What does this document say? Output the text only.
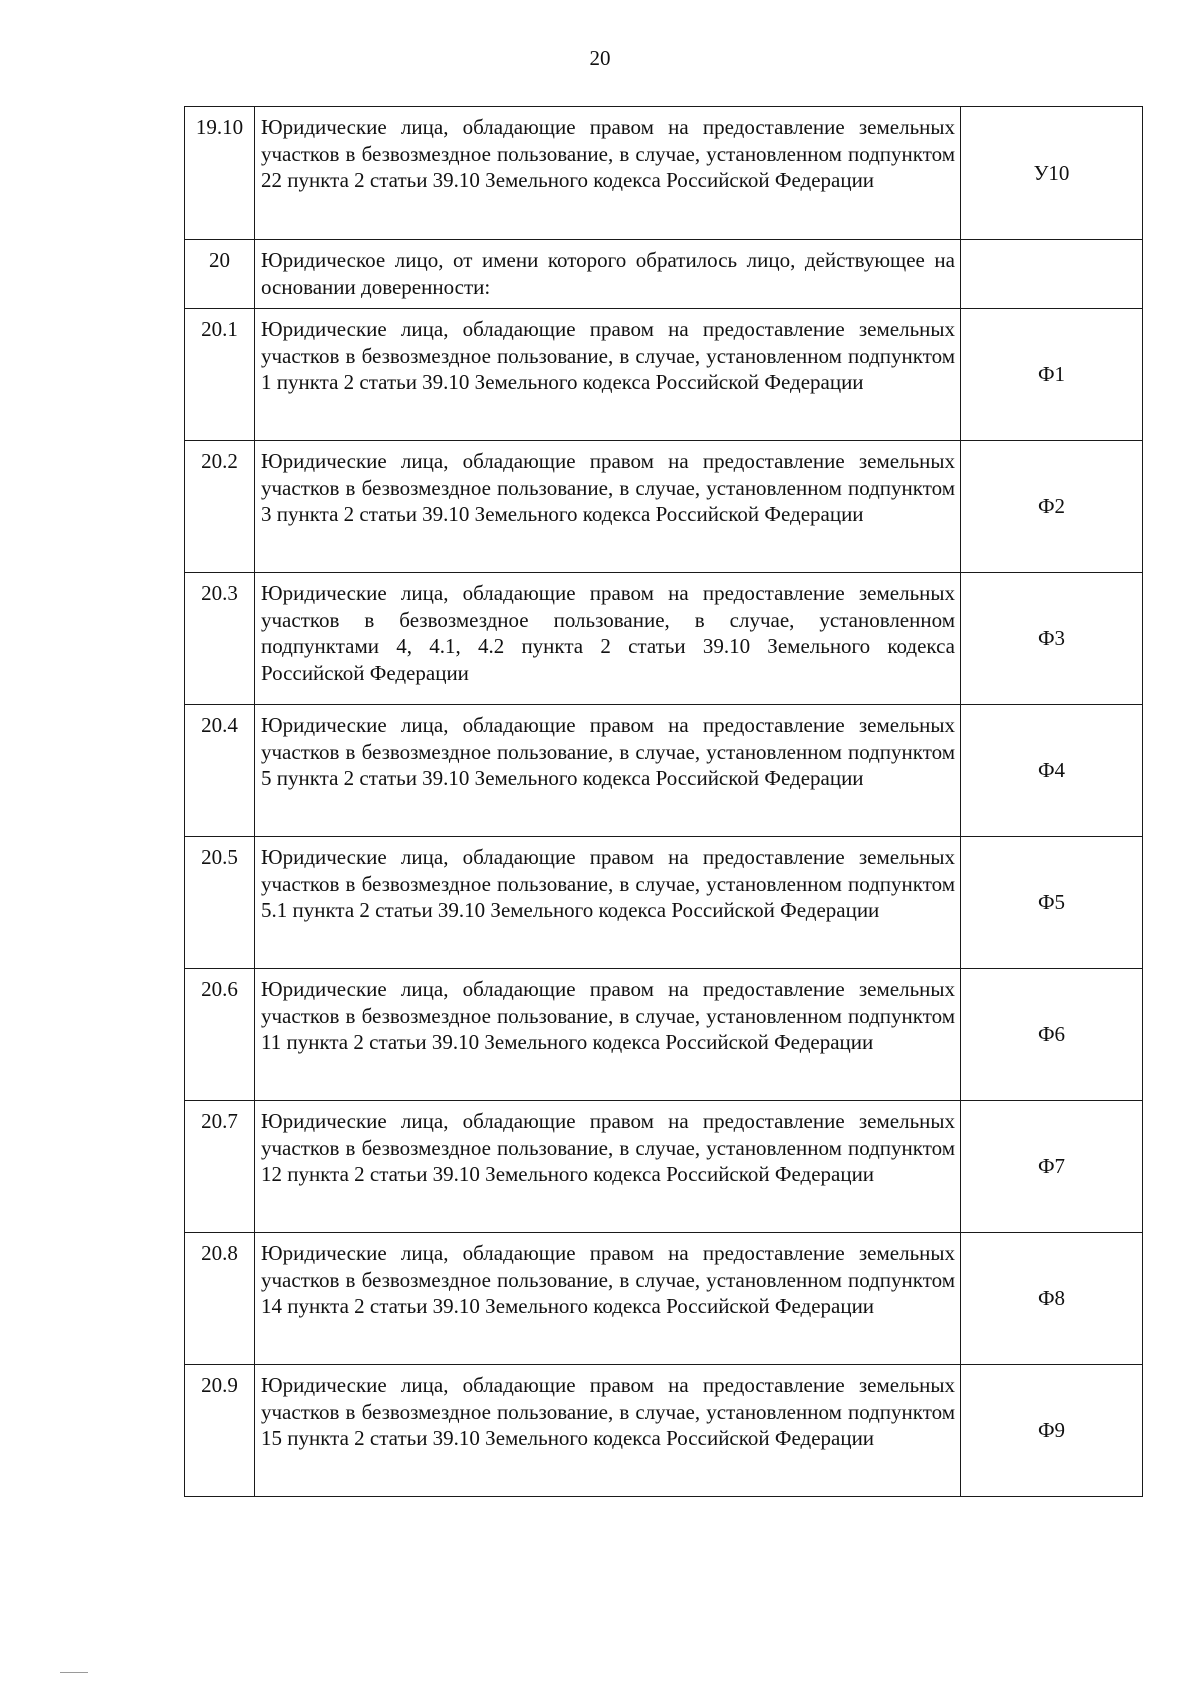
20
19.10	Юридические лица, обладающие правом на предоставление земельных участков в безвозмездное пользование, в случае, установленном подпунктом 22 пункта 2 статьи 39.10 Земельного кодекса Российской Федерации	У10
20	Юридическое лицо, от имени которого обратилось лицо, действующее на основании доверенности:	
20.1	Юридические лица, обладающие правом на предоставление земельных участков в безвозмездное пользование, в случае, установленном подпунктом 1 пункта 2 статьи 39.10 Земельного кодекса Российской Федерации	Ф1
20.2	Юридические лица, обладающие правом на предоставление земельных участков в безвозмездное пользование, в случае, установленном подпунктом 3 пункта 2 статьи 39.10 Земельного кодекса Российской Федерации	Ф2
20.3	Юридические лица, обладающие правом на предоставление земельных участков в безвозмездное пользование, в случае, установленном подпунктами 4, 4.1, 4.2 пункта 2 статьи 39.10 Земельного кодекса Российской Федерации	Ф3
20.4	Юридические лица, обладающие правом на предоставление земельных участков в безвозмездное пользование, в случае, установленном подпунктом 5 пункта 2 статьи 39.10 Земельного кодекса Российской Федерации	Ф4
20.5	Юридические лица, обладающие правом на предоставление земельных участков в безвозмездное пользование, в случае, установленном подпунктом 5.1 пункта 2 статьи 39.10 Земельного кодекса Российской Федерации	Ф5
20.6	Юридические лица, обладающие правом на предоставление земельных участков в безвозмездное пользование, в случае, установленном подпунктом 11 пункта 2 статьи 39.10 Земельного кодекса Российской Федерации	Ф6
20.7	Юридические лица, обладающие правом на предоставление земельных участков в безвозмездное пользование, в случае, установленном подпунктом 12 пункта 2 статьи 39.10 Земельного кодекса Российской Федерации	Ф7
20.8	Юридические лица, обладающие правом на предоставление земельных участков в безвозмездное пользование, в случае, установленном подпунктом 14 пункта 2 статьи 39.10 Земельного кодекса Российской Федерации	Ф8
20.9	Юридические лица, обладающие правом на предоставление земельных участков в безвозмездное пользование, в случае, установленном подпунктом 15 пункта 2 статьи 39.10 Земельного кодекса Российской Федерации	Ф9
